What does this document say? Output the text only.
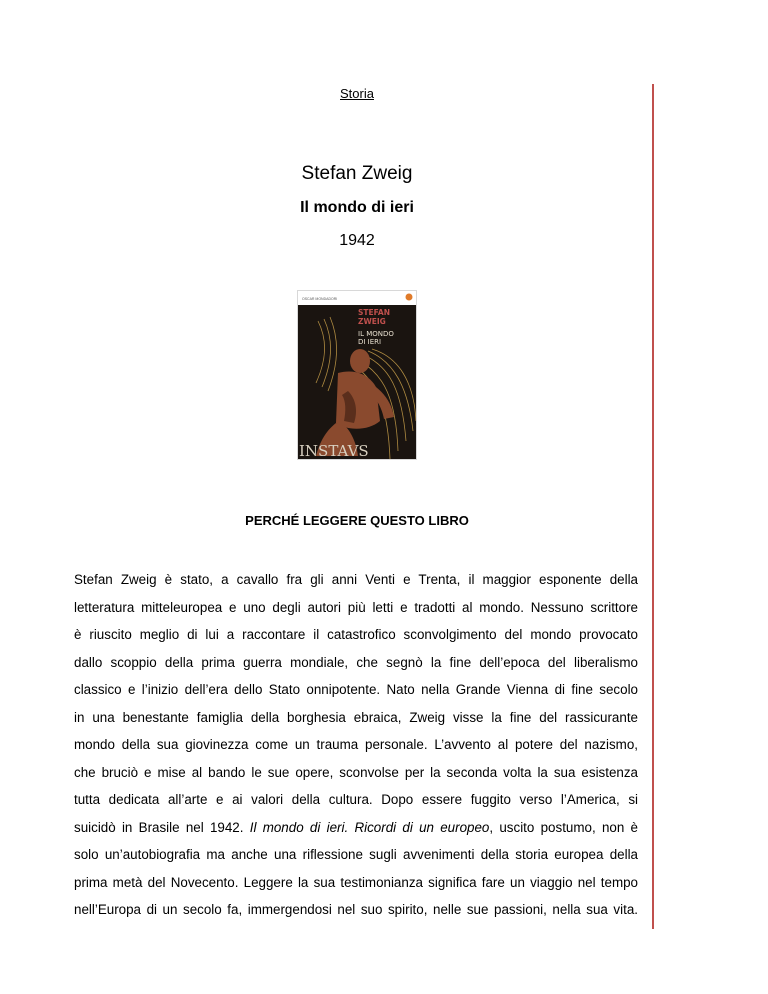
Storia
Stefan Zweig
Il mondo di ieri
1942
OSCAR MONDADORI
STEFAN
ZWEIG
IL MONDO
DI IERI
INSTAVS
PERCHÉ LEGGERE QUESTO LIBRO
Stefan Zweig è stato, a cavallo fra gli anni Venti e Trenta, il maggior esponente della
letteratura mitteleuropea e uno degli autori più letti e tradotti al mondo. Nessuno scrittore
è riuscito meglio di lui a raccontare il catastrofico sconvolgimento del mondo provocato
dallo scoppio della prima guerra mondiale, che segnò la fine dell’epoca del liberalismo
classico e l’inizio dell’era dello Stato onnipotente. Nato nella Grande Vienna di fine secolo
in una benestante famiglia della borghesia ebraica, Zweig visse la fine del rassicurante
mondo della sua giovinezza come un trauma personale. L’avvento al potere del nazismo,
che bruciò e mise al bando le sue opere, sconvolse per la seconda volta la sua esistenza
tutta dedicata all’arte e ai valori della cultura. Dopo essere fuggito verso l’America, si
suicidò in Brasile nel 1942. Il mondo di ieri. Ricordi di un europeo, uscito postumo, non è
solo un’autobiografia ma anche una riflessione sugli avvenimenti della storia europea della
prima metà del Novecento. Leggere la sua testimonianza significa fare un viaggio nel tempo
nell’Europa di un secolo fa, immergendosi nel suo spirito, nelle sue passioni, nella sua vita.
